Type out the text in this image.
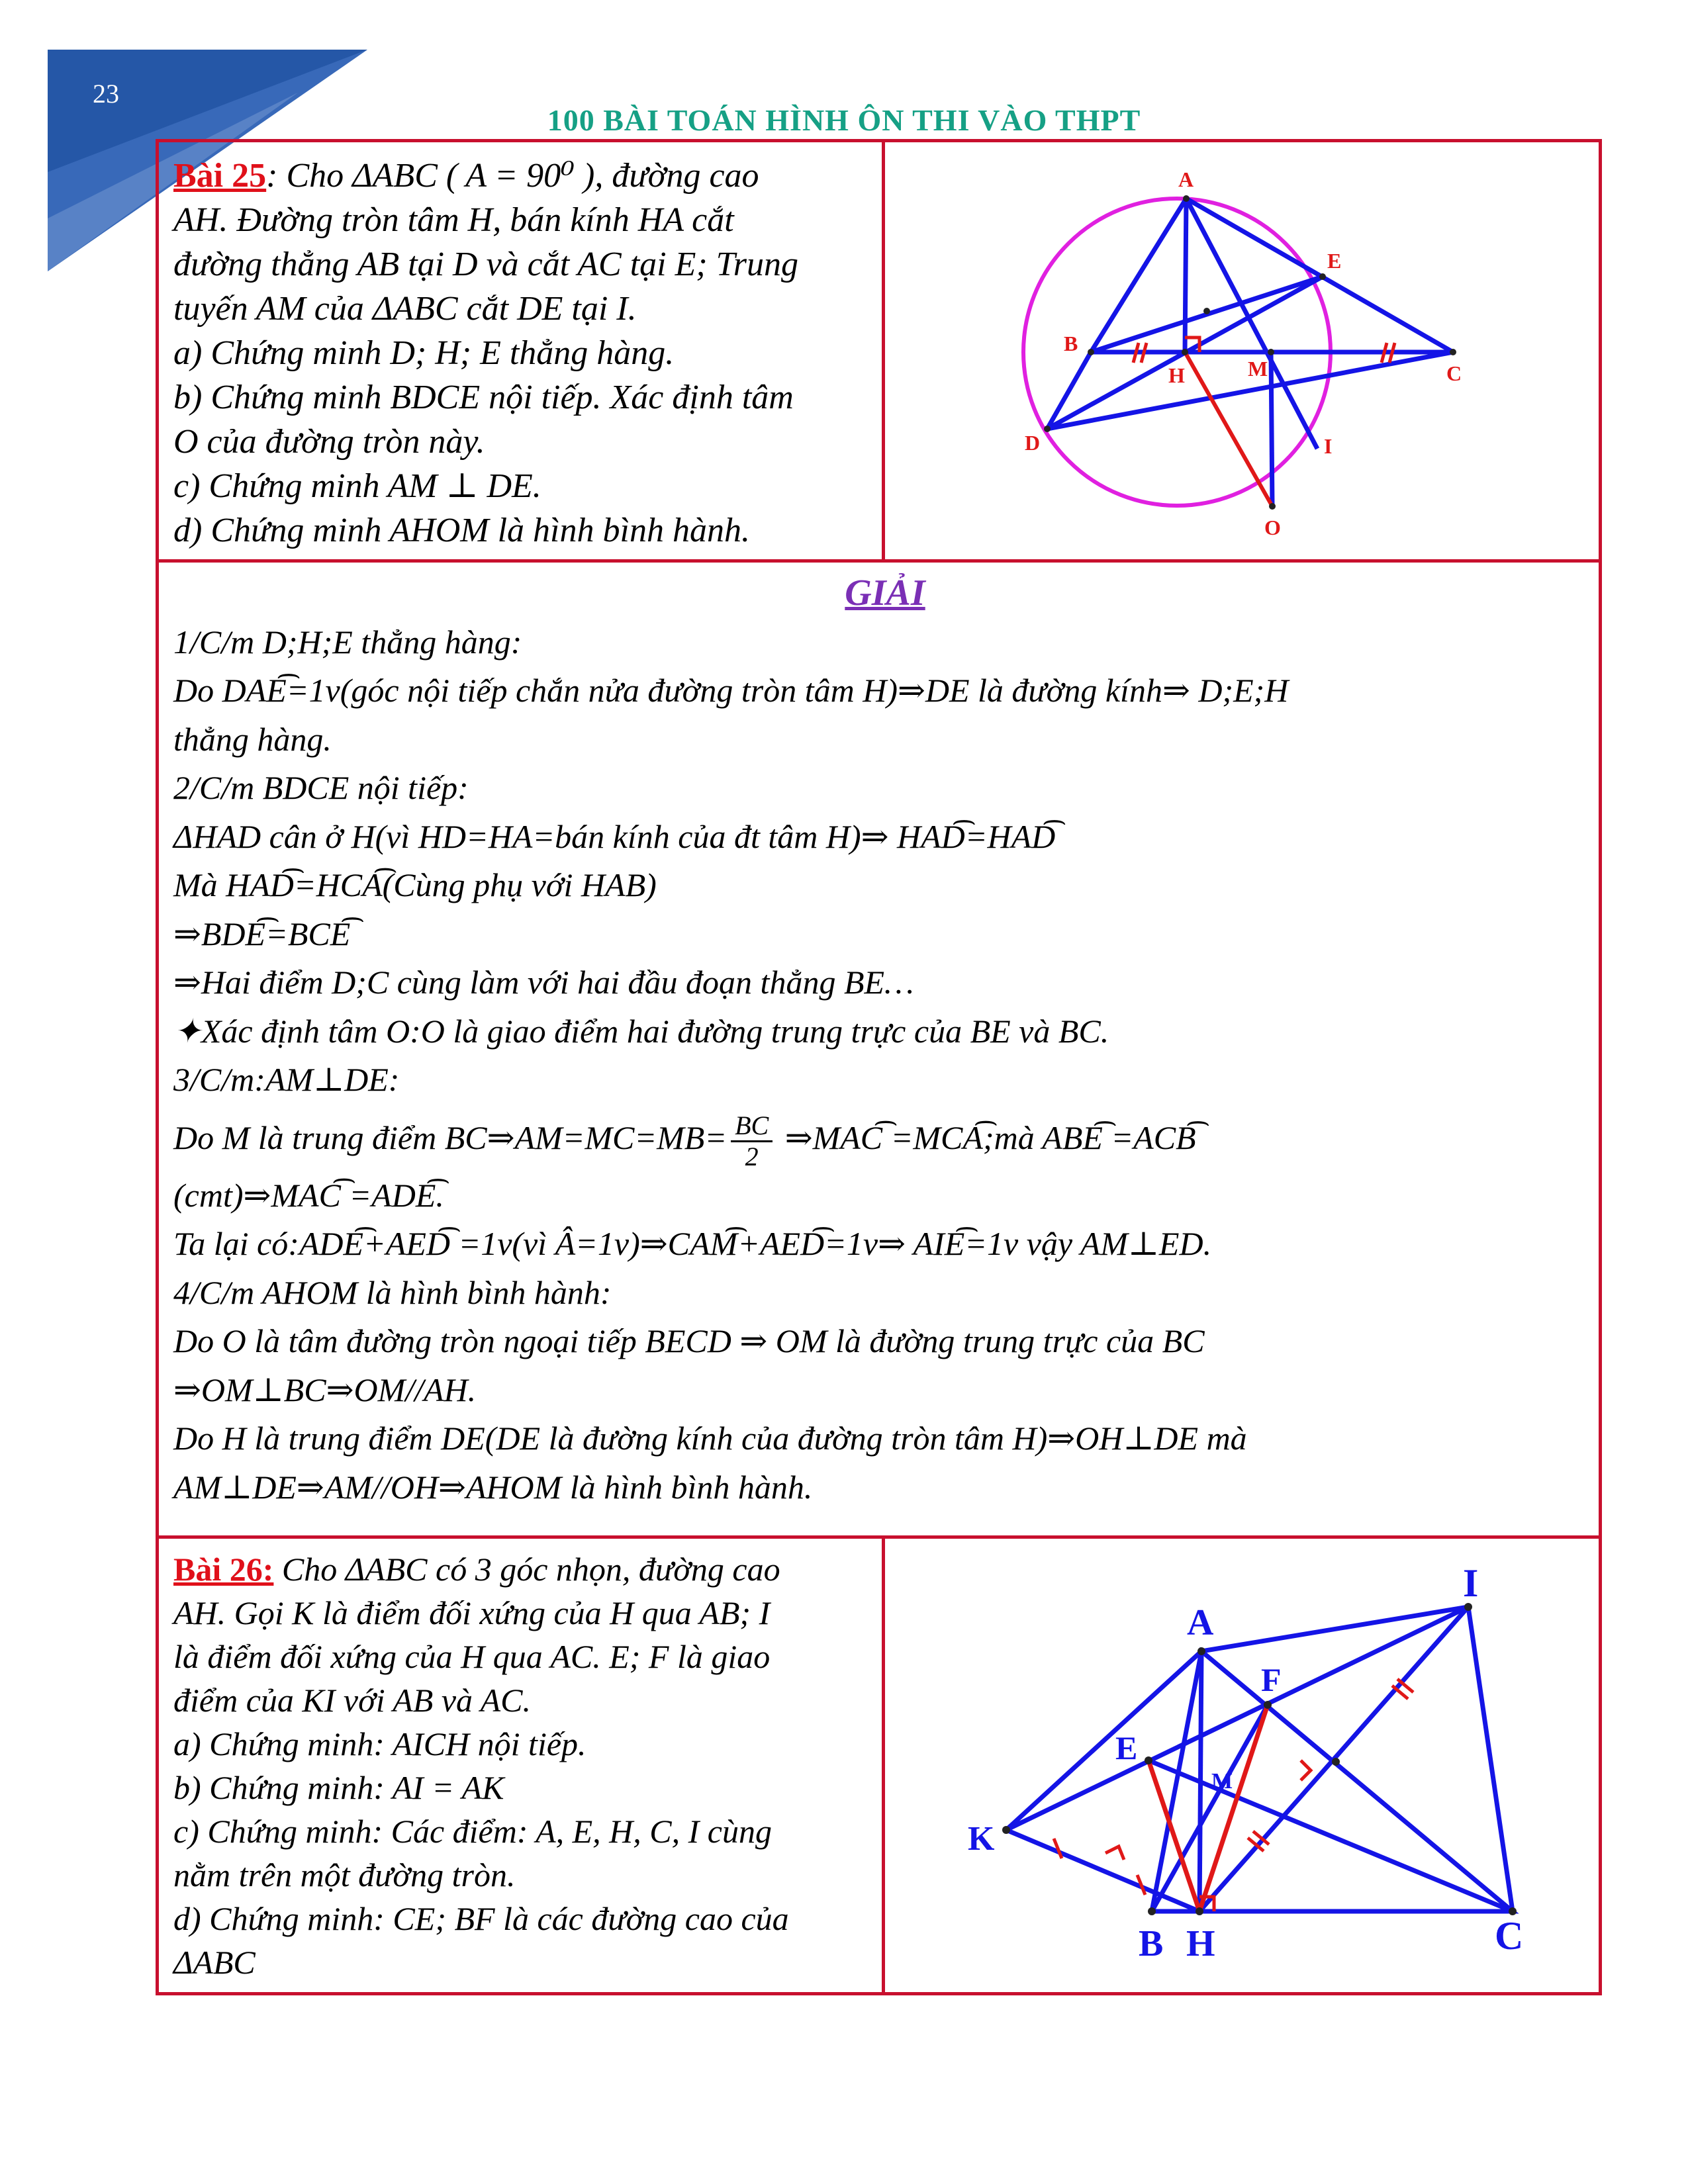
23
100 BÀI TOÁN HÌNH ÔN THI VÀO THPT

Bài 25: Cho ΔABC ( A = 90⁰ ), đường cao

AH. Đường tròn tâm H, bán kính HA cắt

đường thẳng AB tại D và cắt AC tại E; Trung

tuyến AM của ΔABC cắt DE tại I.

a) Chứng minh D; H; E thẳng hàng.

b) Chứng minh BDCE nội tiếp. Xác định tâm

O của đường tròn này.

c) Chứng minh AM ⊥ DE.

d) Chứng minh AHOM là hình bình hành.

A
E
B
H	M	C
D	I
O

GIẢI

1/C/m D;H;E thẳng hàng:

Do DAE͡=1v(góc nội tiếp chắn nửa đường tròn tâm H)⇒DE là đường kính⇒ D;E;H

thẳng hàng.

2/C/m BDCE nội tiếp:

ΔHAD cân ở H(vì HD=HA=bán kính của đt tâm H)⇒ HAD͡=HAD͡

Mà HAD͡=HCA͡(Cùng phụ với HAB)

⇒BDE͡=BCE͡

⇒Hai điểm D;C cùng làm với hai đầu đoạn thẳng BE…

✦Xác định tâm O:O là giao điểm hai đường trung trực của BE và BC.

3/C/m:AM⊥DE:

Do M là trung điểm BC⇒AM=MC=MB= $\frac{BC}{2}$ ⇒MAC͡ =MCA͡;mà ABE͡ =ACB͡

(cmt)⇒MAC͡ =ADE͡.

Ta lại có:ADE͡+AED͡ =1v(vì Â=1v)⇒CAM͡+AED͡=1v⇒ AIE͡=1v vậy AM⊥ED.

4/C/m AHOM là hình bình hành:

Do O là tâm đường tròn ngoại tiếp BECD ⇒ OM là đường trung trực của BC

⇒OM⊥BC⇒OM//AH.

Do H là trung điểm DE(DE là đường kính của đường tròn tâm H)⇒OH⊥DE mà

AM⊥DE⇒AM//OH⇒AHOM là hình bình hành.

Bài 26: Cho ΔABC có 3 góc nhọn, đường cao

AH. Gọi K là điểm đối xứng của H qua AB; I

là điểm đối xứng của H qua AC. E; F là giao

điểm của KI với AB và AC.

a) Chứng minh: AICH nội tiếp.

b) Chứng minh: AI = AK

c) Chứng minh: Các điểm: A, E, H, C, I cùng

nằm trên một đường tròn.

d) Chứng minh: CE; BF là các đường cao của

ΔABC

I
A
F
E
M
K
B H	C
